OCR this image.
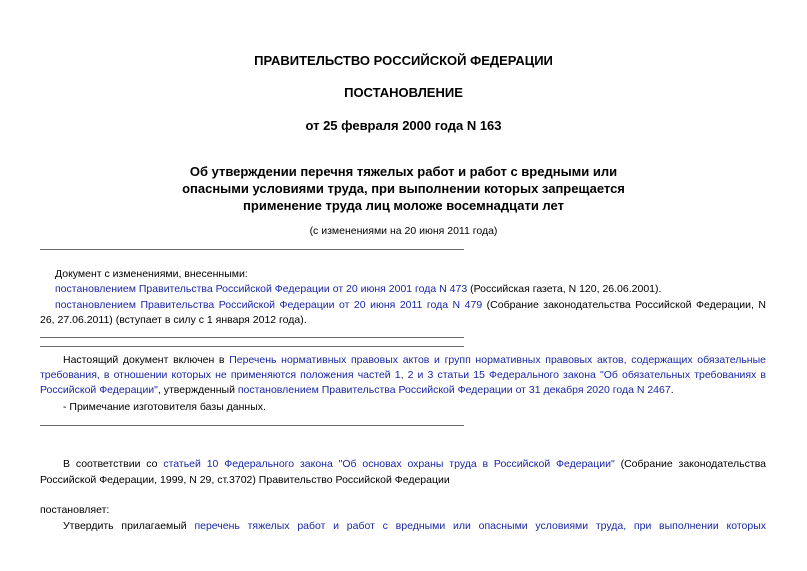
ПРАВИТЕЛЬСТВО РОССИЙСКОЙ ФЕДЕРАЦИИ
ПОСТАНОВЛЕНИЕ
от 25 февраля 2000 года N 163
Об утверждении перечня тяжелых работ и работ с вредными или
опасными условиями труда, при выполнении которых запрещается
применение труда лиц моложе восемнадцати лет
(с изменениями на 20 июня 2011 года)
Документ с изменениями, внесенными:
постановлением Правительства Российской Федерации от 20 июня 2001 года N 473 (Российская газета, N 120, 26.06.2001).
постановлением Правительства Российской Федерации от 20 июня 2011 года N 479 (Собрание законодательства Российской Федерации, N
26, 27.06.2011) (вступает в силу с 1 января 2012 года).
Настоящий документ включен в Перечень нормативных правовых актов и групп нормативных правовых актов, содержащих обязательные
требования, в отношении которых не применяются положения частей 1, 2 и 3 статьи 15 Федерального закона "Об обязательных требованиях в
Российской Федерации", утвержденный постановлением Правительства Российской Федерации от 31 декабря 2020 года N 2467.
- Примечание изготовителя базы данных.
В соответствии со статьей 10 Федерального закона "Об основах охраны труда в Российской Федерации" (Собрание законодательства
Российской Федерации, 1999, N 29, ст.3702) Правительство Российской Федерации
постановляет:
Утвердить прилагаемый перечень тяжелых работ и работ с вредными или опасными условиями труда, при выполнении которых
